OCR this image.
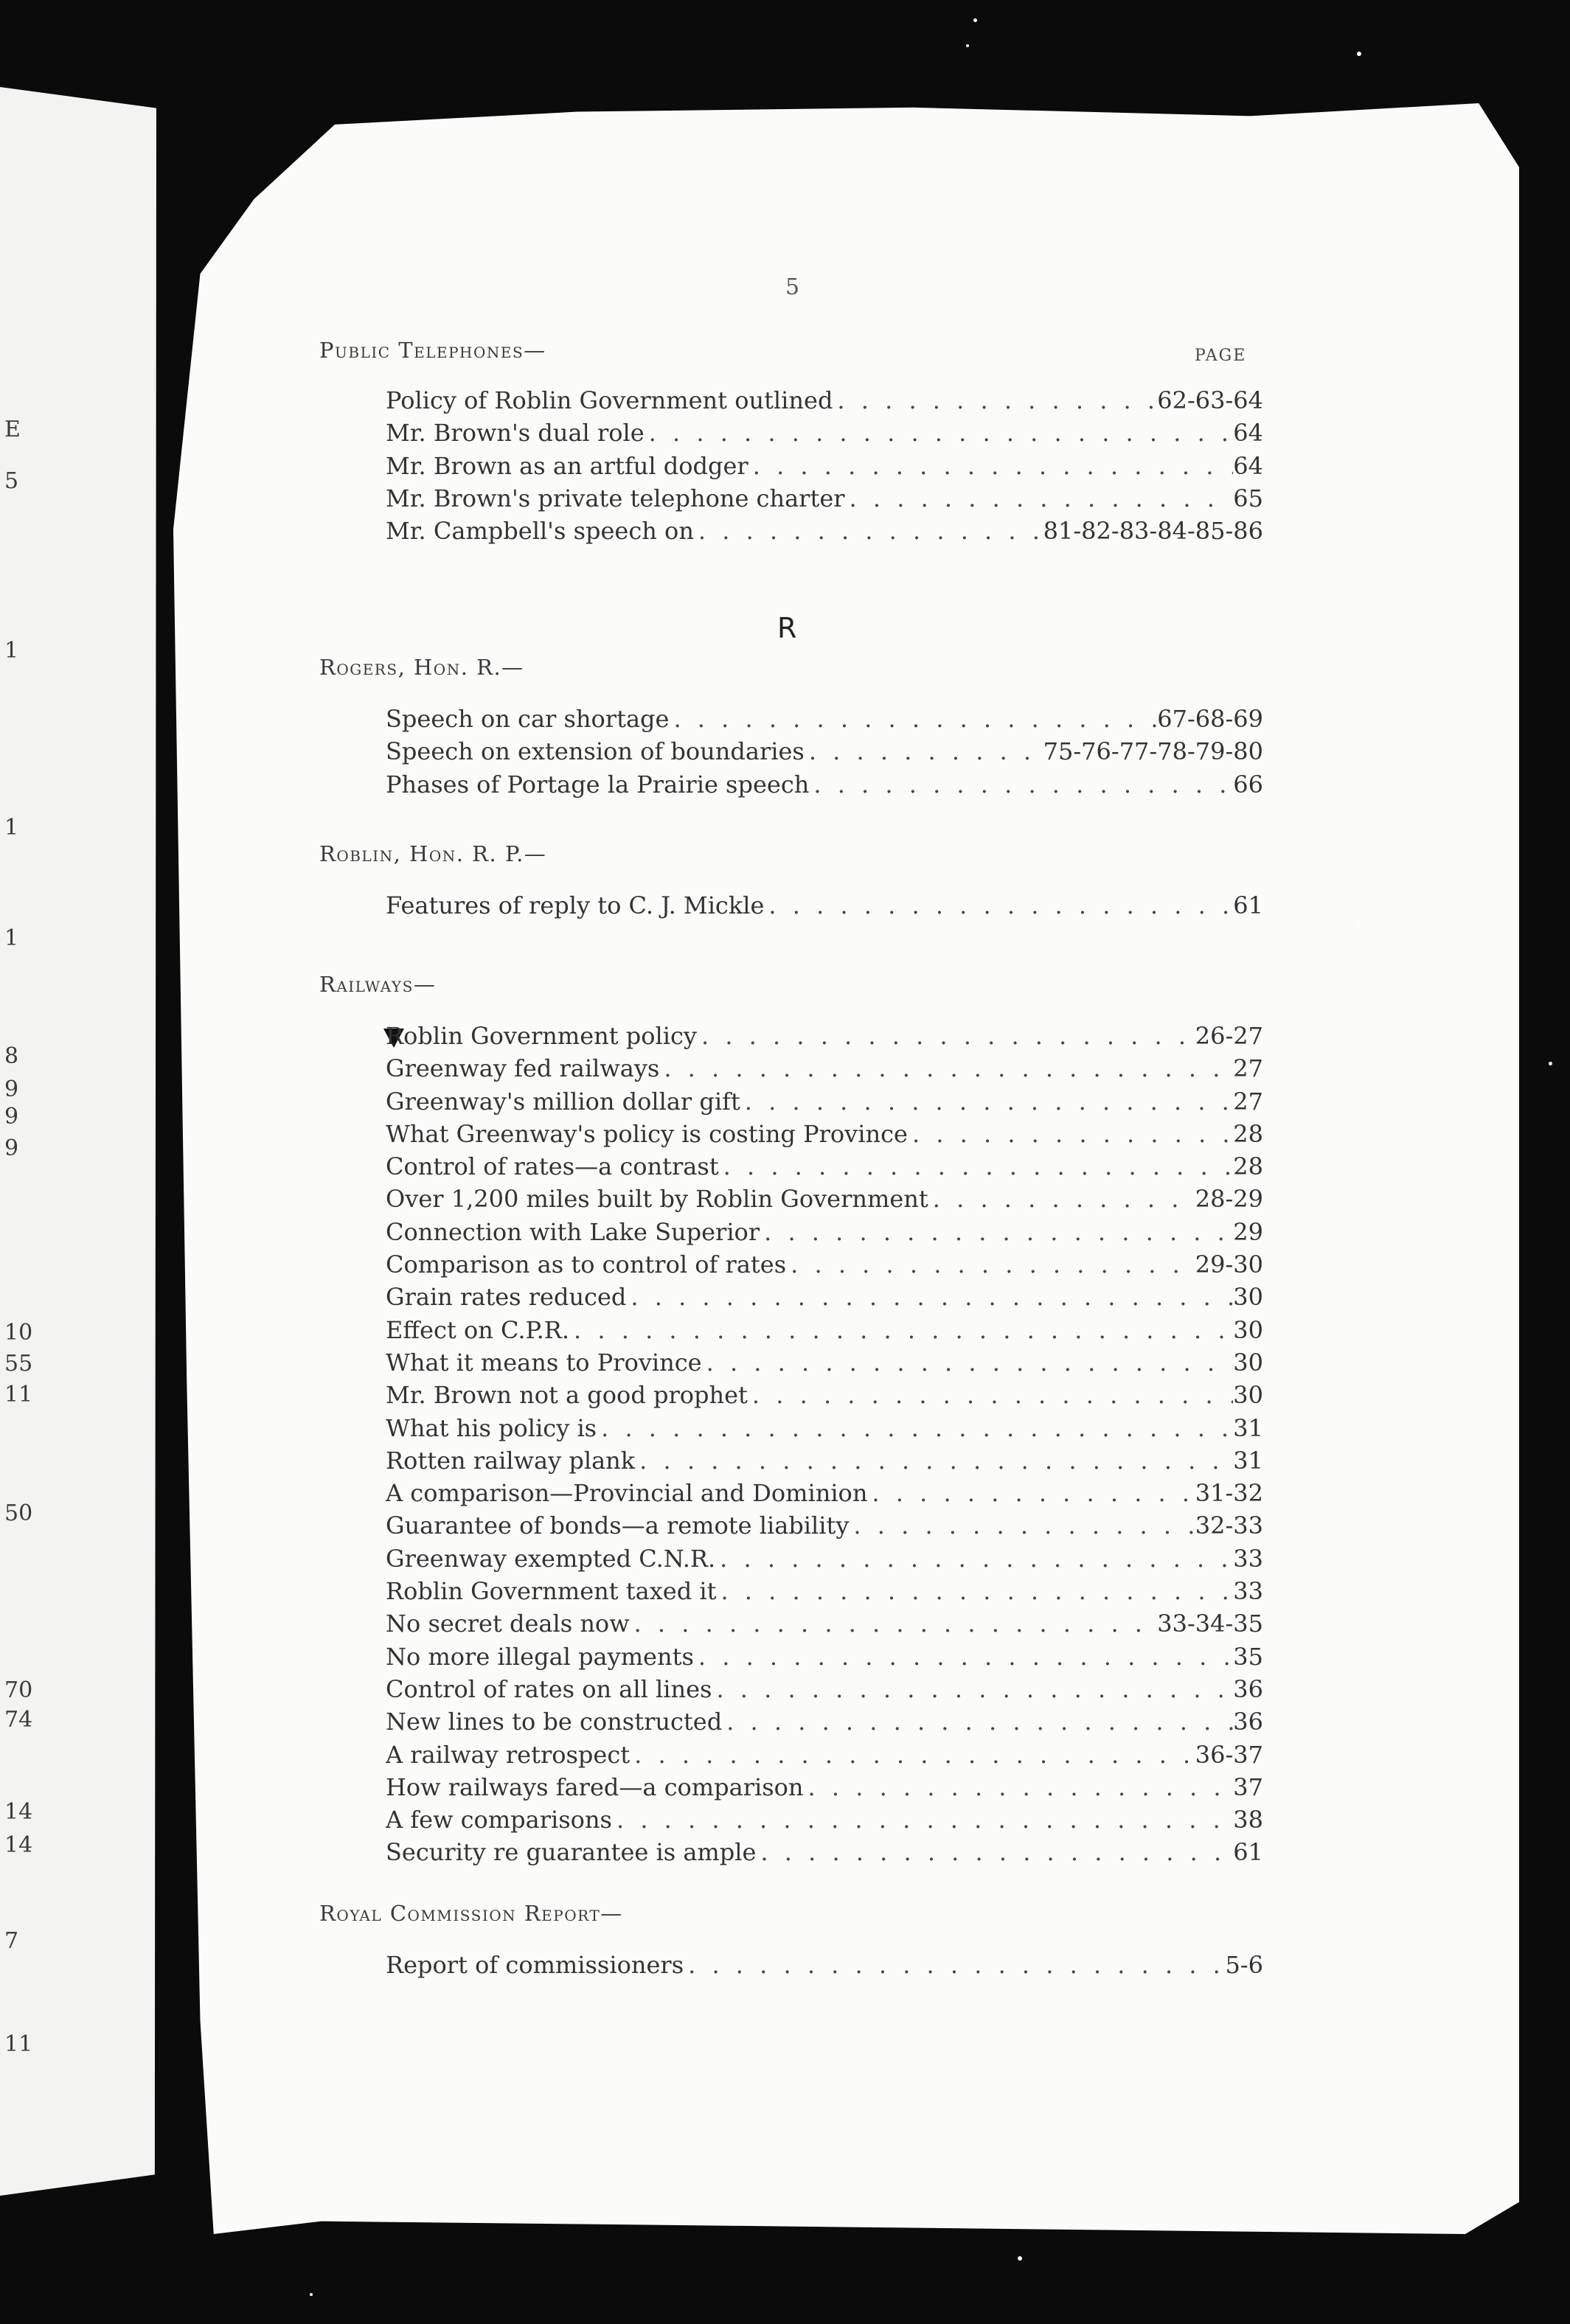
E
5
1
1
1
8
9
9
9
10
55
11
50
70
74
14
14
7
11
5
PAGE
R

Public Telephones—

Policy of Roblin Government outlined . . .	62-63-64
Mr. Brown's dual role . . .	64
Mr. Brown as an artful dodger . . .	64
Mr. Brown's private telephone charter . . .	65
Mr. Campbell's speech on . . .	81-82-83-84-85-86

Rogers, Hon. R.—

Speech on car shortage . . .	67-68-69
Speech on extension of boundaries . . .	75-76-77-78-79-80
Phases of Portage la Prairie speech . . .	66

Roblin, Hon. R. P.—

Features of reply to C. J. Mickle . . .	61

Railways—

Roblin Government policy . . .	26-27
Greenway fed railways . . .	27
Greenway's million dollar gift . . .	27
What Greenway's policy is costing Province . . .	28
Control of rates—a contrast . . .	28
Over 1,200 miles built by Roblin Government . . .	28-29
Connection with Lake Superior . . .	29
Comparison as to control of rates . . .	29-30
Grain rates reduced . . .	30
Effect on C.P.R. . . .	30
What it means to Province . . .	30
Mr. Brown not a good prophet . . .	30
What his policy is . . .	31
Rotten railway plank . . .	31
A comparison—Provincial and Dominion . . .	31-32
Guarantee of bonds—a remote liability . . .	32-33
Greenway exempted C.N.R. . . .	33
Roblin Government taxed it . . .	33
No secret deals now . . .	33-34-35
No more illegal payments . . .	35
Control of rates on all lines . . .	36
New lines to be constructed . . .	36
A railway retrospect . . .	36-37
How railways fared—a comparison . . .	37
A few comparisons . . .	38
Security re guarantee is ample . . .	61

Royal Commission Report—

Report of commissioners . . .	5-6
